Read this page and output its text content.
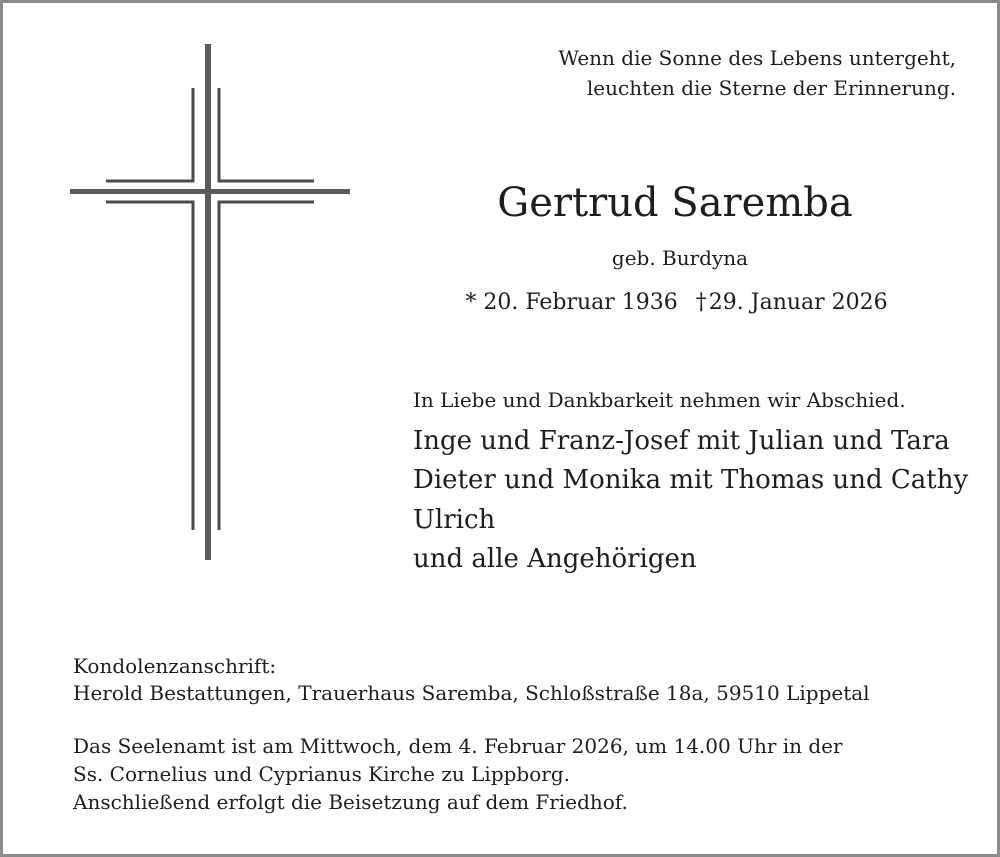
Wenn die Sonne des Lebens untergeht,
leuchten die Sterne der Erinnerung.
Gertrud Saremba
geb. Burdyna
* 20. Februar 1936 †29. Januar 2026
In Liebe und Dankbarkeit nehmen wir Abschied.
Inge und Franz-Josef mit Julian und Tara
Dieter und Monika mit Thomas und Cathy
Ulrich
und alle Angehörigen
Kondolenzanschrift:
Herold Bestattungen, Trauerhaus Saremba, Schloßstraße 18a, 59510 Lippetal
Das Seelenamt ist am Mittwoch, dem 4. Februar 2026, um 14.00 Uhr in der
Ss. Cornelius und Cyprianus Kirche zu Lippborg.
Anschließend erfolgt die Beisetzung auf dem Friedhof.
